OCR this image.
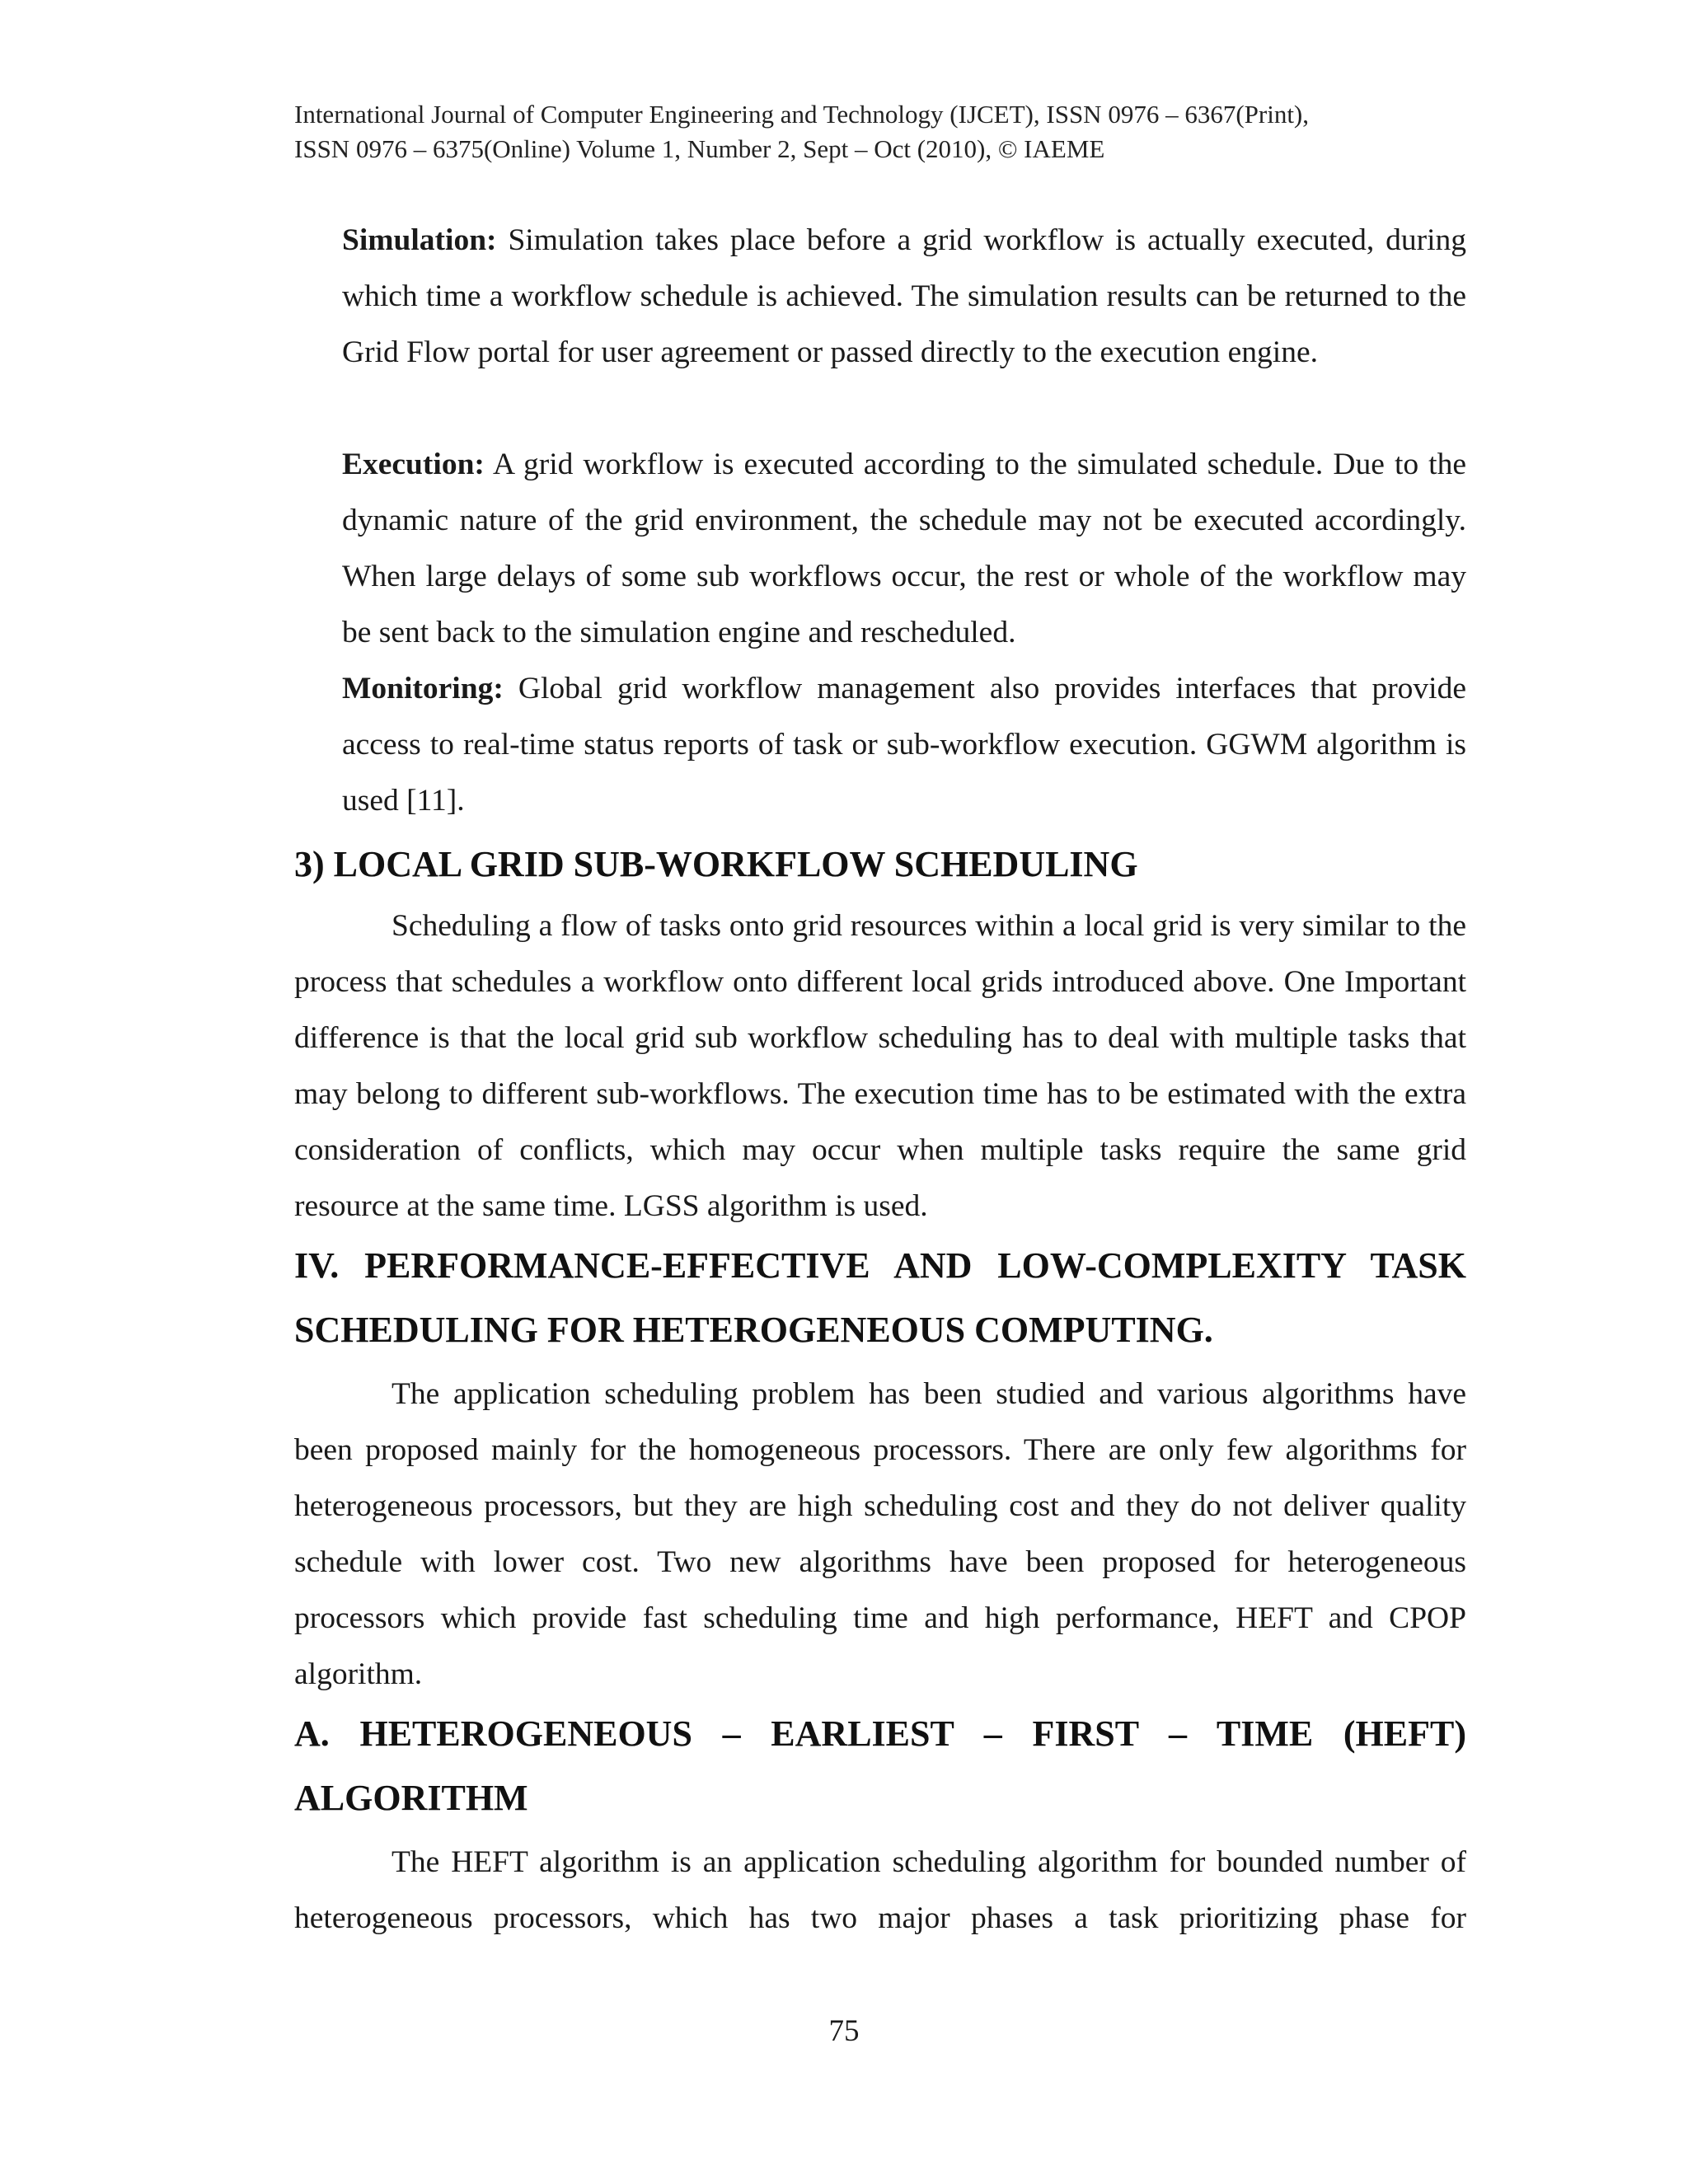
International Journal of Computer Engineering and Technology (IJCET), ISSN 0976 – 6367(Print),
ISSN 0976 – 6375(Online) Volume 1, Number 2, Sept – Oct (2010), © IAEME
Simulation: Simulation takes place before a grid workflow is actually executed, during which time a workflow schedule is achieved. The simulation results can be returned to the Grid Flow portal for user agreement or passed directly to the execution engine.
Execution: A grid workflow is executed according to the simulated schedule. Due to the dynamic nature of the grid environment, the schedule may not be executed accordingly. When large delays of some sub workflows occur, the rest or whole of the workflow may be sent back to the simulation engine and rescheduled.
Monitoring: Global grid workflow management also provides interfaces that provide access to real-time status reports of task or sub-workflow execution. GGWM algorithm is used [11].
3) LOCAL GRID SUB-WORKFLOW SCHEDULING
Scheduling a flow of tasks onto grid resources within a local grid is very similar to the process that schedules a workflow onto different local grids introduced above. One Important difference is that the local grid sub workflow scheduling has to deal with multiple tasks that may belong to different sub-workflows. The execution time has to be estimated with the extra consideration of conflicts, which may occur when multiple tasks require the same grid resource at the same time. LGSS algorithm is used.
IV. PERFORMANCE-EFFECTIVE AND LOW-COMPLEXITY TASK SCHEDULING FOR HETEROGENEOUS COMPUTING.
The application scheduling problem has been studied and various algorithms have been proposed mainly for the homogeneous processors. There are only few algorithms for heterogeneous processors, but they are high scheduling cost and they do not deliver quality schedule with lower cost. Two new algorithms have been proposed for heterogeneous processors which provide fast scheduling time and high performance, HEFT and CPOP algorithm.
A. HETEROGENEOUS – EARLIEST – FIRST – TIME (HEFT) ALGORITHM
The HEFT algorithm is an application scheduling algorithm for bounded number of heterogeneous processors, which has two major phases a task prioritizing phase for
75
